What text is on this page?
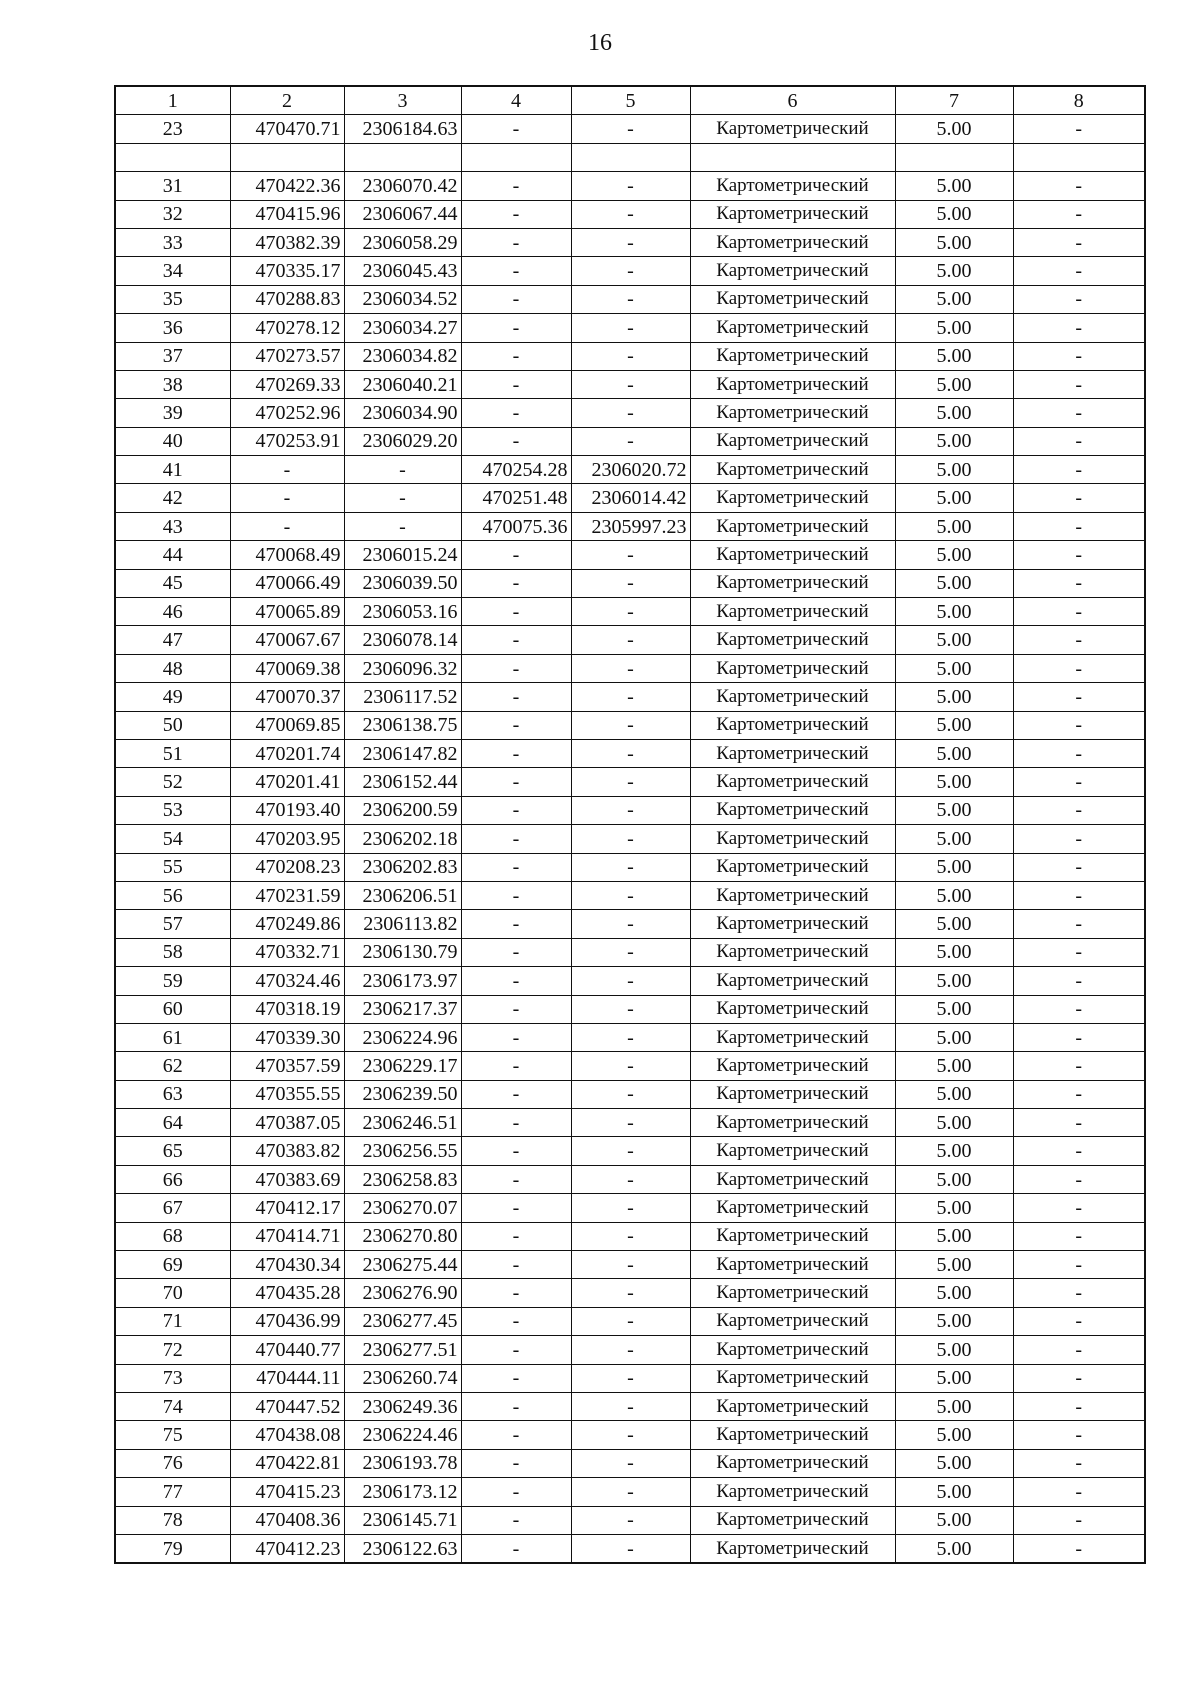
16
1	2	3	4	5	6	7	8
23	470470.71	2306184.63	-	-	Картометрический	5.00	-

31	470422.36	2306070.42	-	-	Картометрический	5.00	-
32	470415.96	2306067.44	-	-	Картометрический	5.00	-
33	470382.39	2306058.29	-	-	Картометрический	5.00	-
34	470335.17	2306045.43	-	-	Картометрический	5.00	-
35	470288.83	2306034.52	-	-	Картометрический	5.00	-
36	470278.12	2306034.27	-	-	Картометрический	5.00	-
37	470273.57	2306034.82	-	-	Картометрический	5.00	-
38	470269.33	2306040.21	-	-	Картометрический	5.00	-
39	470252.96	2306034.90	-	-	Картометрический	5.00	-
40	470253.91	2306029.20	-	-	Картометрический	5.00	-
41	-	-	470254.28	2306020.72	Картометрический	5.00	-
42	-	-	470251.48	2306014.42	Картометрический	5.00	-
43	-	-	470075.36	2305997.23	Картометрический	5.00	-
44	470068.49	2306015.24	-	-	Картометрический	5.00	-
45	470066.49	2306039.50	-	-	Картометрический	5.00	-
46	470065.89	2306053.16	-	-	Картометрический	5.00	-
47	470067.67	2306078.14	-	-	Картометрический	5.00	-
48	470069.38	2306096.32	-	-	Картометрический	5.00	-
49	470070.37	2306117.52	-	-	Картометрический	5.00	-
50	470069.85	2306138.75	-	-	Картометрический	5.00	-
51	470201.74	2306147.82	-	-	Картометрический	5.00	-
52	470201.41	2306152.44	-	-	Картометрический	5.00	-
53	470193.40	2306200.59	-	-	Картометрический	5.00	-
54	470203.95	2306202.18	-	-	Картометрический	5.00	-
55	470208.23	2306202.83	-	-	Картометрический	5.00	-
56	470231.59	2306206.51	-	-	Картометрический	5.00	-
57	470249.86	2306113.82	-	-	Картометрический	5.00	-
58	470332.71	2306130.79	-	-	Картометрический	5.00	-
59	470324.46	2306173.97	-	-	Картометрический	5.00	-
60	470318.19	2306217.37	-	-	Картометрический	5.00	-
61	470339.30	2306224.96	-	-	Картометрический	5.00	-
62	470357.59	2306229.17	-	-	Картометрический	5.00	-
63	470355.55	2306239.50	-	-	Картометрический	5.00	-
64	470387.05	2306246.51	-	-	Картометрический	5.00	-
65	470383.82	2306256.55	-	-	Картометрический	5.00	-
66	470383.69	2306258.83	-	-	Картометрический	5.00	-
67	470412.17	2306270.07	-	-	Картометрический	5.00	-
68	470414.71	2306270.80	-	-	Картометрический	5.00	-
69	470430.34	2306275.44	-	-	Картометрический	5.00	-
70	470435.28	2306276.90	-	-	Картометрический	5.00	-
71	470436.99	2306277.45	-	-	Картометрический	5.00	-
72	470440.77	2306277.51	-	-	Картометрический	5.00	-
73	470444.11	2306260.74	-	-	Картометрический	5.00	-
74	470447.52	2306249.36	-	-	Картометрический	5.00	-
75	470438.08	2306224.46	-	-	Картометрический	5.00	-
76	470422.81	2306193.78	-	-	Картометрический	5.00	-
77	470415.23	2306173.12	-	-	Картометрический	5.00	-
78	470408.36	2306145.71	-	-	Картометрический	5.00	-
79	470412.23	2306122.63	-	-	Картометрический	5.00	-
